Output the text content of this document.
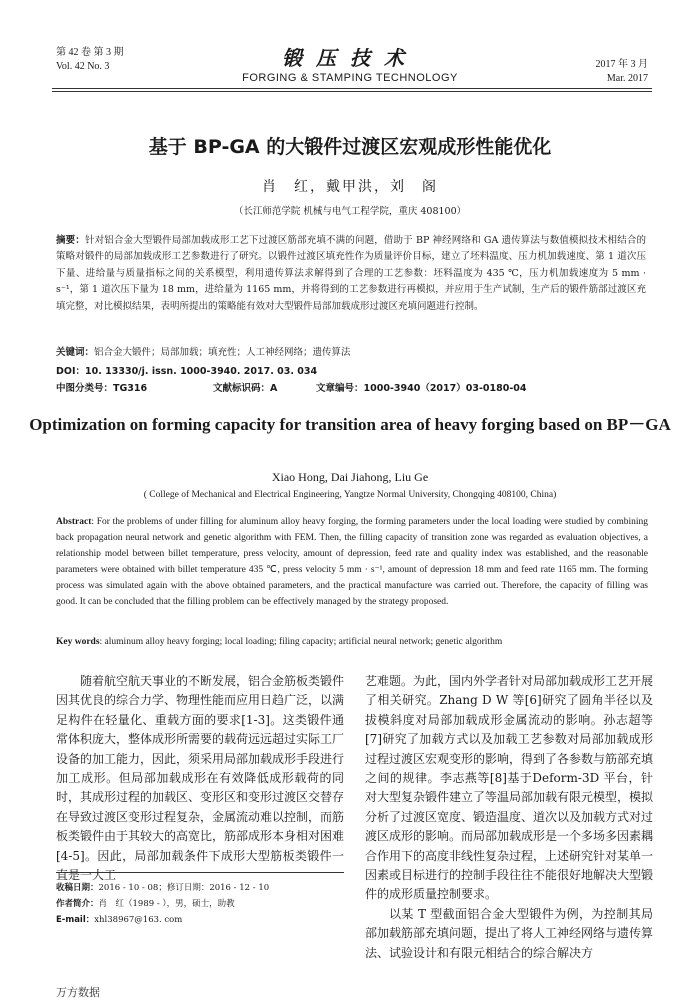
第 42 卷 第 3 期
Vol. 42 No. 3	锻压技术
FORGING & STAMPING TECHNOLOGY
2017 年 3 月
Mar. 2017
基于 BP-GA 的大锻件过渡区宏观成形性能优化
肖　红，戴甲洪，刘　阁
（长江师范学院 机械与电气工程学院，重庆 408100）
摘要：针对铝合金大型锻件局部加载成形工艺下过渡区筋部充填不满的问题，借助于 BP 神经网络和 GA 遗传算法与数值模拟技术相结合的策略对锻件的局部加载成形工艺参数进行了研究。以锻件过渡区填充性作为质量评价目标，建立了坯料温度、压力机加载速度、第 1 道次压下量、进给量与质量指标之间的关系模型，利用遗传算法求解得到了合理的工艺参数：坯料温度为 435 ℃，压力机加载速度为 5 mm · s⁻¹，第 1 道次压下量为 18 mm，进给量为 1165 mm，并将得到的工艺参数进行再模拟，并应用于生产试制，生产后的锻件筋部过渡区充填完整，对比模拟结果，表明所提出的策略能有效对大型锻件局部加载成形过渡区充填问题进行控制。
关键词：铝合金大锻件；局部加载；填充性；人工神经网络；遗传算法
DOI：10. 13330/j. issn. 1000-3940. 2017. 03. 034
中图分类号：TG316	文献标识码：A	文章编号：1000-3940（2017）03-0180-04
Optimization on forming capacity for transition area of heavy forging based on BP－GA
Xiao Hong, Dai Jiahong, Liu Ge
( College of Mechanical and Electrical Engineering, Yangtze Normal University, Chongqing 408100, China)
Abstract: For the problems of under filling for aluminum alloy heavy forging, the forming parameters under the local loading were studied by combining back propagation neural network and genetic algorithm with FEM. Then, the filling capacity of transition zone was regarded as evaluation objectives, a relationship model between billet temperature, press velocity, amount of depression, feed rate and quality index was established, and the reasonable parameters were obtained with billet temperature 435 ℃, press velocity 5 mm · s⁻¹, amount of depression 18 mm and feed rate 1165 mm. The forming process was simulated again with the above obtained parameters, and the practical manufacture was carried out. Therefore, the capacity of filling was good. It can be concluded that the filling problem can be effectively managed by the strategy proposed.
Key words: aluminum alloy heavy forging; local loading; filing capacity; artificial neural network; genetic algorithm

随着航空航天事业的不断发展，铝合金筋板类锻件因其优良的综合力学、物理性能而应用日趋广泛，以满足构件在轻量化、重载方面的要求[1-3]。这类锻件通常体积庞大，整体成形所需要的载荷远远超过实际工厂设备的加工能力，因此，须采用局部加载成形手段进行加工成形。但局部加载成形在有效降低成形载荷的同时，其成形过程的加载区、变形区和变形过渡区交替存在导致过渡区变形过程复杂，金属流动难以控制，而筋板类锻件由于其较大的高宽比，筋部成形本身相对困难[4-5]。因此，局部加载条件下成形大型筋板类锻件一直是一大工

艺难题。为此，国内外学者针对局部加载成形工艺开展了相关研究。Zhang D W 等[6]研究了圆角半径以及拔模斜度对局部加载成形金属流动的影响。孙志超等[7]研究了加载方式以及加载工艺参数对局部加载成形过程过渡区宏观变形的影响，得到了各参数与筋部充填之间的规律。李志燕等[8]基于Deform-3D 平台，针对大型复杂锻件建立了等温局部加载有限元模型，模拟分析了过渡区宽度、锻造温度、道次以及加载方式对过渡区成形的影响。而局部加载成形是一个多场多因素耦合作用下的高度非线性复杂过程，上述研究针对某单一因素或目标进行的控制手段往往不能很好地解决大型锻件的成形质量控制要求。

以某 T 型截面铝合金大型锻件为例，为控制其局部加载筋部充填问题，提出了将人工神经网络与遗传算法、试验设计和有限元相结合的综合解决方

收稿日期：2016 - 10 - 08；修订日期：2016 - 12 - 10
作者简介：肖　红（1989 - ），男，硕士，助教
E-mail：xhl38967@163. com
万方数据
